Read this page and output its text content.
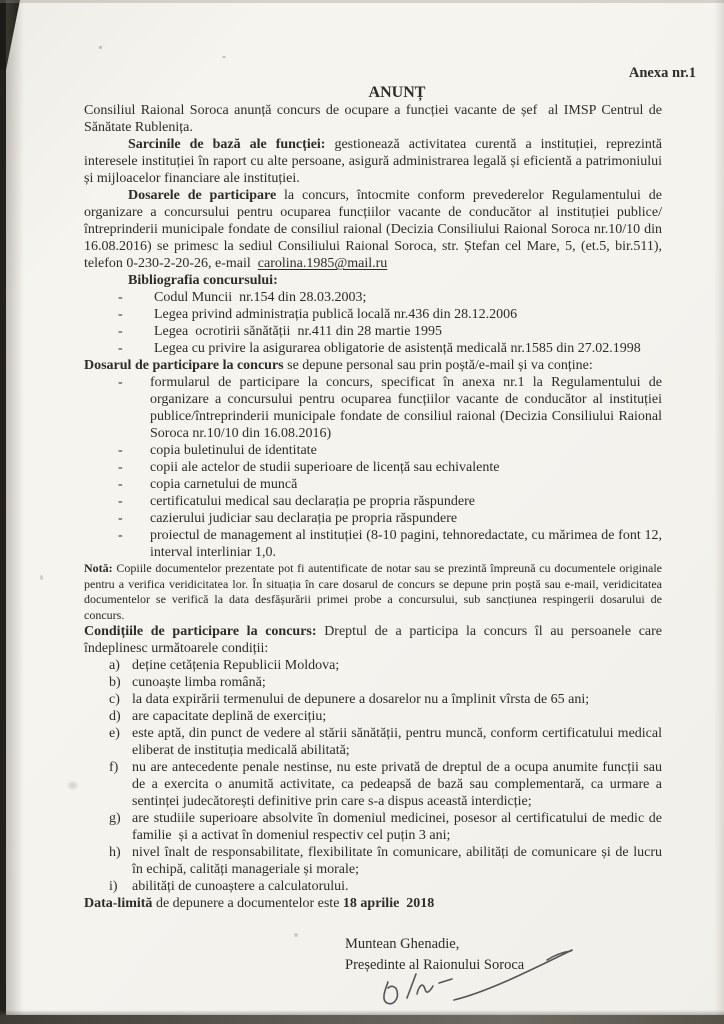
Anexa nr.1
ANUNȚ

Consiliul Raional Soroca anunță concurs de ocupare a funcției vacante de șef  al IMSP Centrul de Sănătate Rublenița.

Sarcinile de bază ale funcției: gestionează activitatea curentă a instituției, reprezintă interesele instituției în raport cu alte persoane, asigură administrarea legală și eficientă a patrimoniului și mijloacelor financiare ale instituției.

Dosarele de participare la concurs, întocmite conform prevederelor Regulamentului de organizare a concursului pentru ocuparea funcțiilor vacante de conducător al instituției publice/ întreprinderii municipale fondate de consiliul raional (Decizia Consiliului Raional Soroca nr.10/10 din 16.08.2016) se primesc la sediul Consiliului Raional Soroca, str. Ștefan cel Mare, 5, (et.5, bir.511), telefon 0-230-2-20-26, e-mail  carolina.1985@mail.ru

Bibliografia concursului:

- Codul Muncii  nr.154 din 28.03.2003;
- Legea privind administrația publică locală nr.436 din 28.12.2006
- Legea  ocrotirii sănătății  nr.411 din 28 martie 1995
- Legea cu privire la asigurarea obligatorie de asistență medicală nr.1585 din 27.02.1998

Dosarul de participare la concurs se depune personal sau prin poștă/e-mail și va conține:

- formularul de participare la concurs, specificat în anexa nr.1 la Regulamentului de organizare a concursului pentru ocuparea funcțiilor vacante de conducător al instituției publice/întreprinderii municipale fondate de consiliul raional (Decizia Consiliului Raional Soroca nr.10/10 din 16.08.2016)
- copia buletinului de identitate
- copii ale actelor de studii superioare de licență sau echivalente
- copia carnetului de muncă
- certificatului medical sau declarația pe propria răspundere
- cazierului judiciar sau declarația pe propria răspundere
- proiectul de management al instituției (8-10 pagini, tehnoredactate, cu mărimea de font 12, interval interliniar 1,0.

Notă: Copiile documentelor prezentate pot fi autentificate de notar sau se prezintă împreună cu documentele originale pentru a verifica veridicitatea lor. În situația în care dosarul de concurs se depune prin poștă sau e-mail, veridicitatea documentelor se verifică la data desfășurării primei probe a concursului, sub sancțiunea respingerii dosarului de concurs.

Condițiile de participare la concurs: Dreptul de a participa la concurs îl au persoanele care îndeplinesc următoarele condiții:

a) deține cetățenia Republicii Moldova;
b) cunoaște limba română;
c) la data expirării termenului de depunere a dosarelor nu a împlinit vîrsta de 65 ani;
d) are capacitate deplină de exercițiu;
e) este aptă, din punct de vedere al stării sănătății, pentru muncă, conform certificatului medical eliberat de instituția medicală abilitată;
f) nu are antecedente penale nestinse, nu este privată de dreptul de a ocupa anumite funcții sau de a exercita o anumită activitate, ca pedeapsă de bază sau complementară, ca urmare a sentinței judecătorești definitive prin care s-a dispus această interdicție;
g) are studiile superioare absolvite în domeniul medicinei, posesor al certificatului de medic de familie  și a activat în domeniul respectiv cel puțin 3 ani;
h) nivel înalt de responsabilitate, flexibilitate în comunicare, abilități de comunicare și de lucru în echipă, calități manageriale și morale;
i) abilități de cunoaștere a calculatorului.

Data-limită de depunere a documentelor este 18 aprilie  2018

Muntean Ghenadie,
Președinte al Raionului Soroca
